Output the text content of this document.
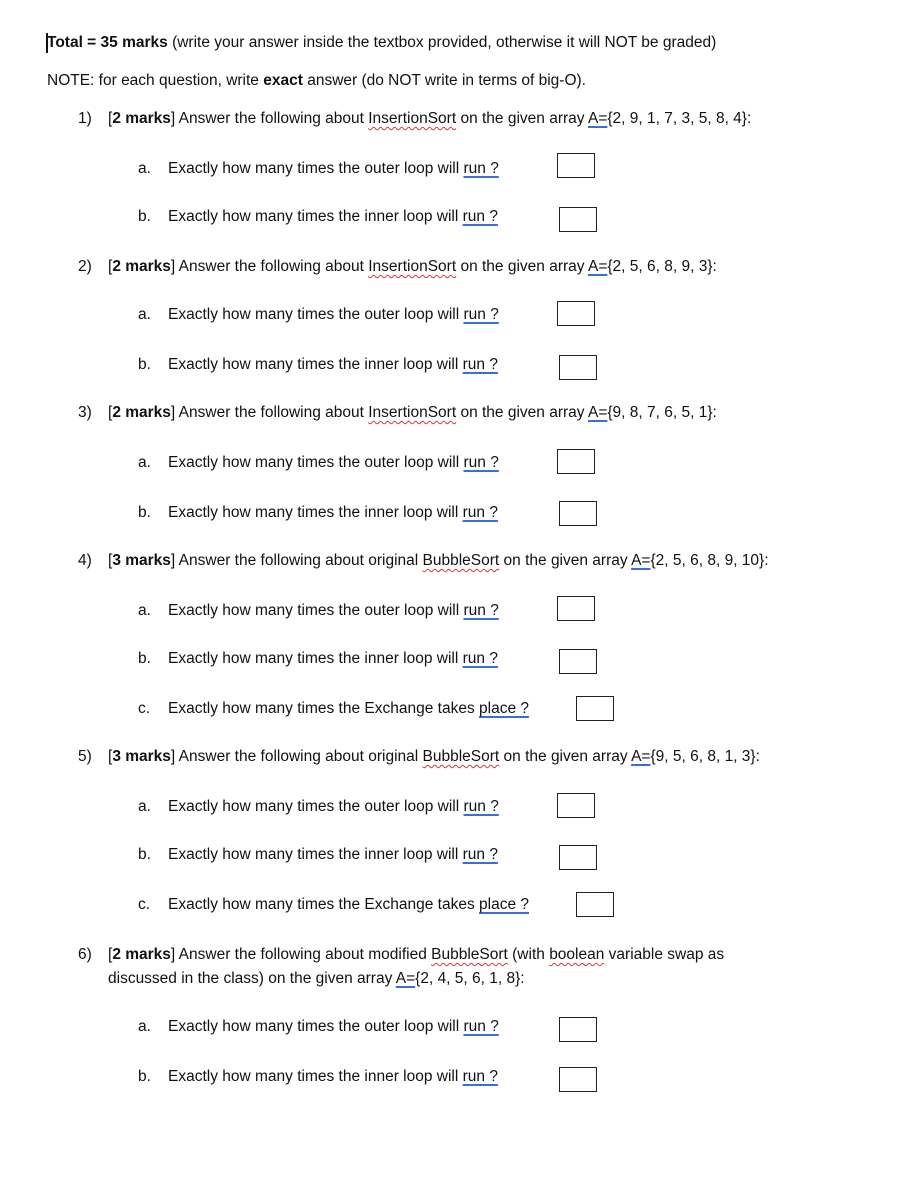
Total = 35 marks (write your answer inside the textbox provided, otherwise it will NOT be graded)
NOTE: for each question, write exact answer (do NOT write in terms of big-O).
1) [2 marks] Answer the following about InsertionSort on the given array A={2, 9, 1, 7, 3, 5, 8, 4}:
a. Exactly how many times the outer loop will run ?
b. Exactly how many times the inner loop will run ?
2) [2 marks] Answer the following about InsertionSort on the given array A={2, 5, 6, 8, 9, 3}:
a. Exactly how many times the outer loop will run ?
b. Exactly how many times the inner loop will run ?
3) [2 marks] Answer the following about InsertionSort on the given array A={9, 8, 7, 6, 5, 1}:
a. Exactly how many times the outer loop will run ?
b. Exactly how many times the inner loop will run ?
4) [3 marks] Answer the following about original BubbleSort on the given array A={2, 5, 6, 8, 9, 10}:
a. Exactly how many times the outer loop will run ?
b. Exactly how many times the inner loop will run ?
c. Exactly how many times the Exchange takes place ?
5) [3 marks] Answer the following about original BubbleSort on the given array A={9, 5, 6, 8, 1, 3}:
a. Exactly how many times the outer loop will run ?
b. Exactly how many times the inner loop will run ?
c. Exactly how many times the Exchange takes place ?
6) [2 marks] Answer the following about modified BubbleSort (with boolean variable swap as
discussed in the class) on the given array A={2, 4, 5, 6, 1, 8}:
a. Exactly how many times the outer loop will run ?
b. Exactly how many times the inner loop will run ?
